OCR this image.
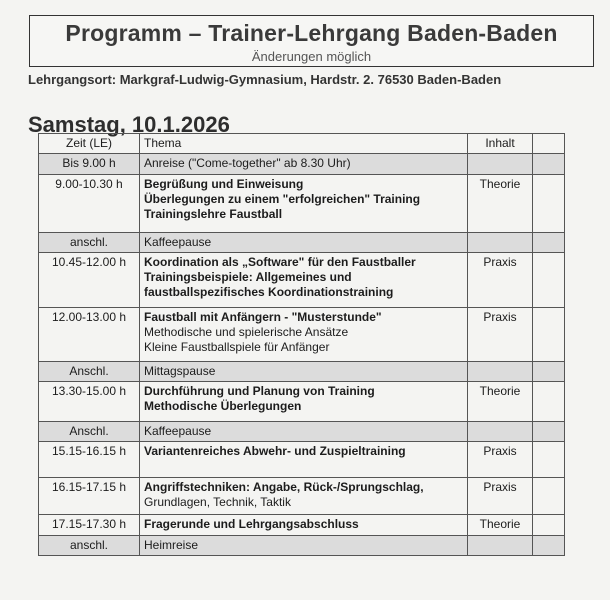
Programm – Trainer-Lehrgang Baden-Baden
Änderungen möglich
Lehrgangsort: Markgraf-Ludwig-Gymnasium, Hardstr. 2. 76530 Baden-Baden
Samstag, 10.1.2026
Zeit (LE)	Thema	Inhalt	
Bis 9.00 h	Anreise ("Come-together" ab 8.30 Uhr)		

9.00-10.30 h	Begrüßung und Einweisung
Überlegungen zu einem "erfolgreichen" Training
Trainingslehre Faustball	Theorie	
anschl.	Kaffeepause		

10.45-12.00 h	Koordination als „Software" für den Faustballer
Trainingsbeispiele: Allgemeines und
faustballspezifisches Koordinationstraining	Praxis	
12.00-13.00 h	Faustball mit Anfängern - "Musterstunde"
Methodische und spielerische Ansätze
Kleine Faustballspiele für Anfänger	Praxis	
Anschl.	Mittagspause		

13.30-15.00 h	Durchführung und Planung von Training
Methodische Überlegungen	Theorie	
Anschl.	Kaffeepause		

15.15-16.15 h	Variantenreiches Abwehr- und Zuspieltraining	Praxis	
16.15-17.15 h	Angriffstechniken: Angabe, Rück-/Sprungschlag,
Grundlagen, Technik, Taktik	Praxis	
17.15-17.30 h	Fragerunde und Lehrgangsabschluss	Theorie	
anschl.	Heimreise		
